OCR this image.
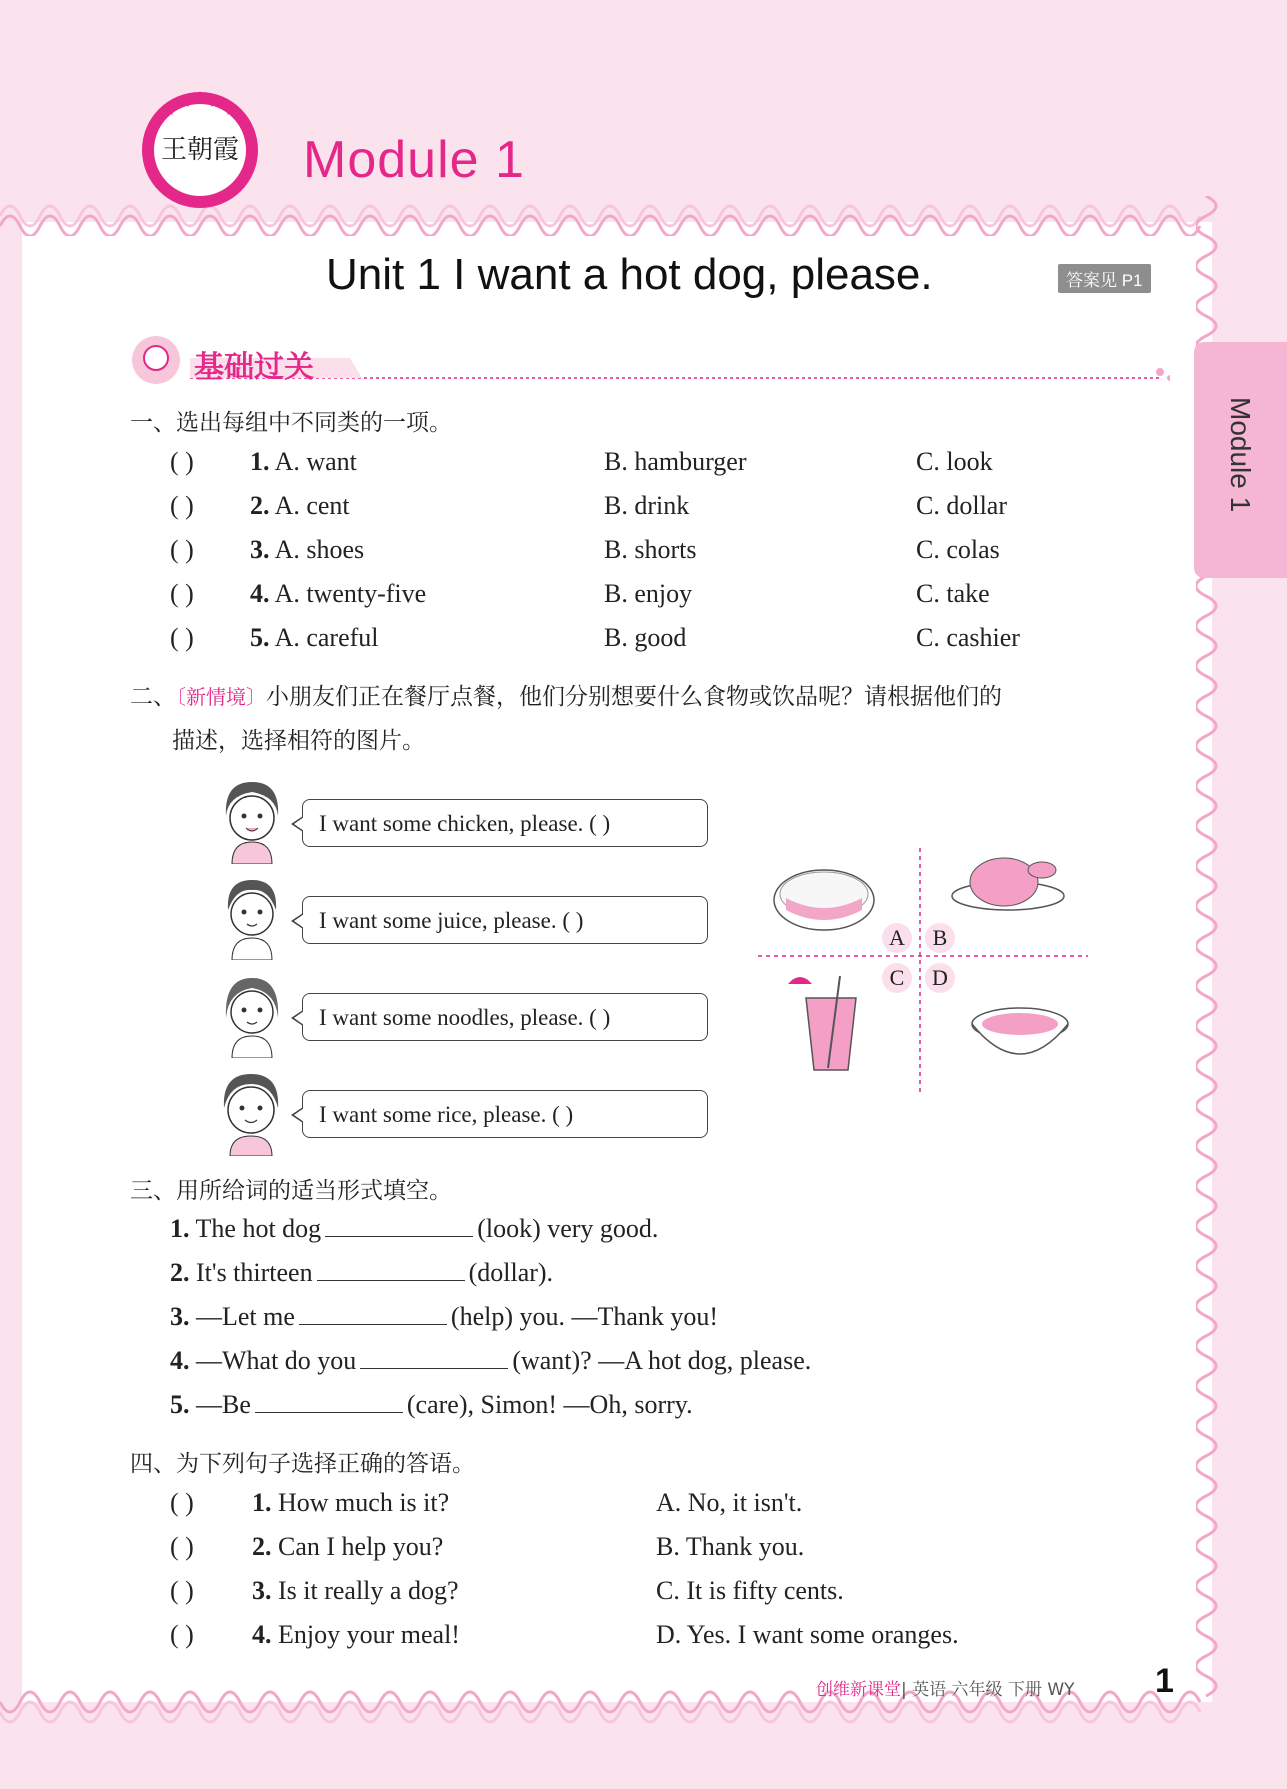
王朝霞 Module 1
Unit 1 I want a hot dog, please.	答案见 P1
Module 1
基础过关
一、选出每组中不同类的一项。
( ) 1. A. want	B. hamburger	C. look
( ) 2. A. cent	B. drink	C. dollar
( ) 3. A. shoes	B. shorts	C. colas
( ) 4. A. twenty-five	B. enjoy	C. take
( ) 5. A. careful	B. good	C. cashier
二、〔新情境〕小朋友们正在餐厅点餐，他们分别想要什么食物或饮品呢？请根据他们的
描述，选择相符的图片。
I want some chicken, please. ( )
I want some juice, please. ( )
I want some noodles, please. ( )
I want some rice, please. ( )
A	B
C	D
三、用所给词的适当形式填空。
1. The hot dog	(look) very good.
2. It's thirteen	(dollar).
3. —Let me	(help) you. —Thank you!
4. —What do you	(want)? —A hot dog, please.
5. —Be	(care), Simon! —Oh, sorry.
四、为下列句子选择正确的答语。
( ) 1. How much is it?	A. No, it isn't.
( ) 2. Can I help you?	B. Thank you.
( ) 3. Is it really a dog?	C. It is fifty cents.
( ) 4. Enjoy your meal!	D. Yes. I want some oranges.
创维新课堂| 英语 六年级 下册 WY 1
